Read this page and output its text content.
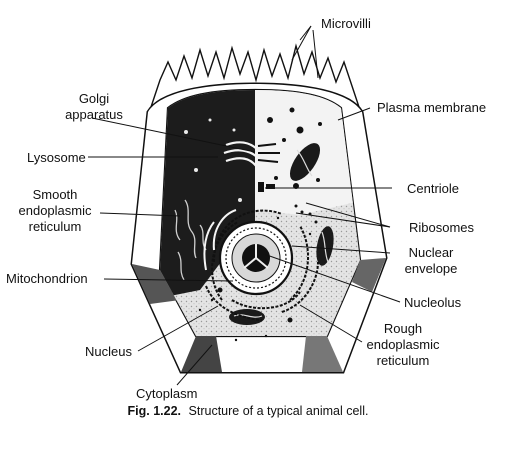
Microvilli
Golgi
apparatus	Plasma membrane
Lysosome
Smooth
endoplasmic
reticulum
Centriole
Ribosomes
Nuclear
envelope
Mitochondrion
Nucleolus
Nucleus
Rough
endoplasmic
reticulum
Cytoplasm
Fig. 1.22. Structure of a typical animal cell.
